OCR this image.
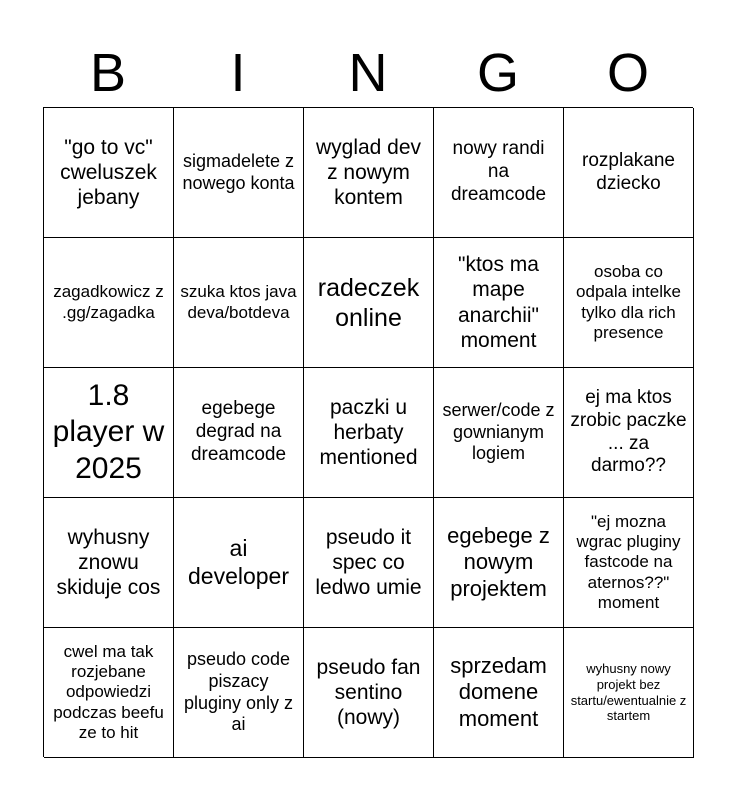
B	I	N	G	O
"go to vc" cweluszek jebany
sigmadelete z nowego konta
wyglad dev z nowym kontem
nowy randi na dreamcode
rozplakane dziecko
zagadkowicz z .gg/zagadka
szuka ktos java deva/botdeva
radeczek online
"ktos ma mape anarchii" moment
osoba co odpala intelke tylko dla rich presence
1.8 player w 2025
egebege degrad na dreamcode
paczki u herbaty mentioned
serwer/code z gownianym logiem
ej ma ktos zrobic paczke ... za darmo??
wyhusny znowu skiduje cos
ai developer
pseudo it spec co ledwo umie
egebege z nowym projektem
"ej mozna wgrac pluginy fastcode na aternos??" moment
cwel ma tak rozjebane odpowiedzi podczas beefu ze to hit
pseudo code piszacy pluginy only z ai
pseudo fan sentino (nowy)
sprzedam domene moment
wyhusny nowy projekt bez startu/ewentualnie z startem
